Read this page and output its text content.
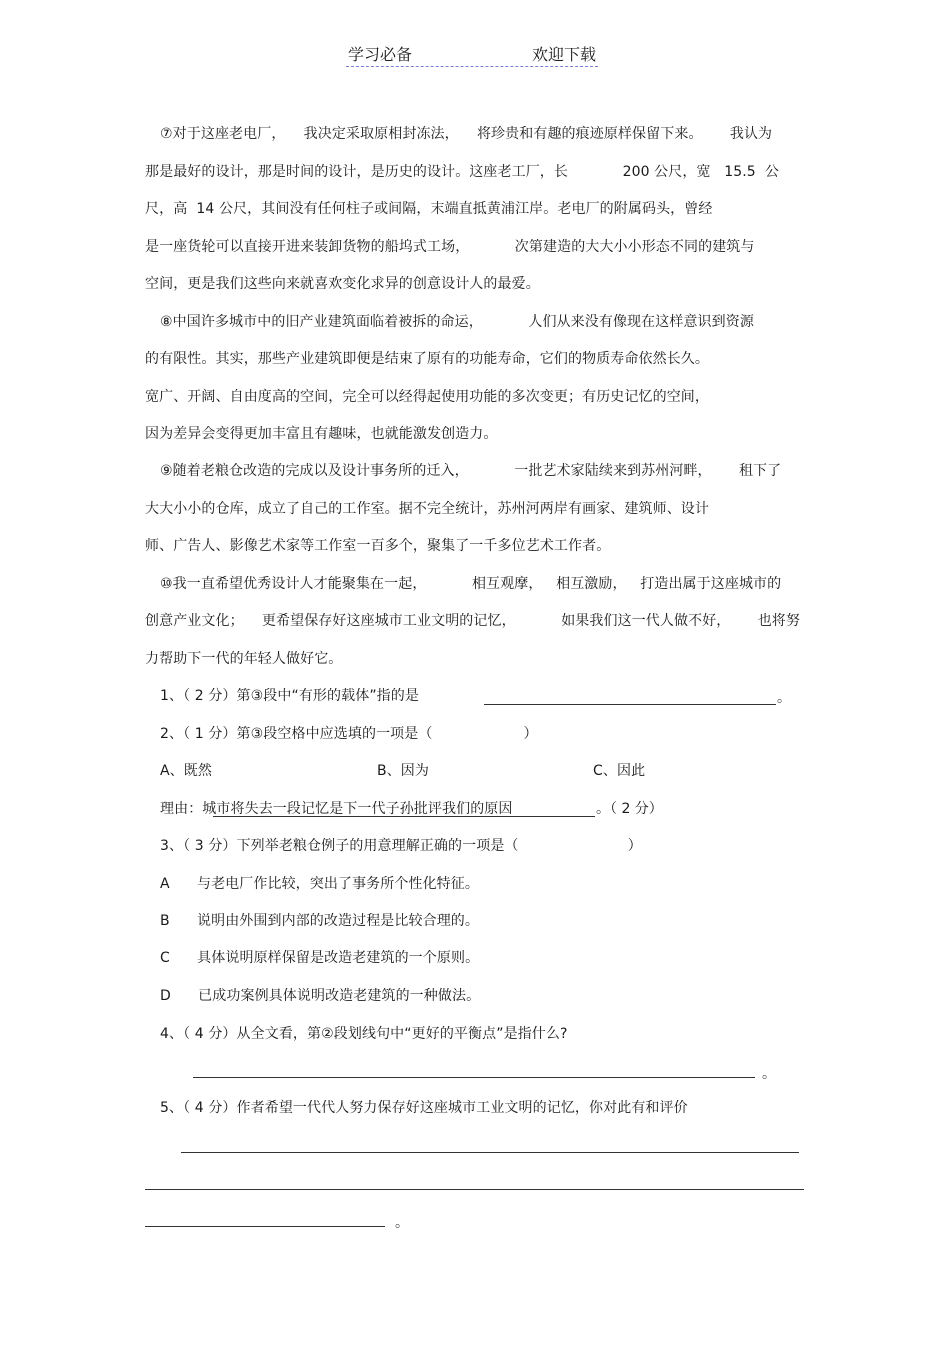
学习必备	欢迎下载
⑦对于这座老电厂，    我决定采取原相封冻法，    将珍贵和有趣的痕迹原样保留下来。      我认为
那是最好的设计，那是时间的设计，是历史的设计。这座老工厂，长            200 公尺，宽   15.5  公
尺，高  14 公尺，其间没有任何柱子或间隔，末端直抵黄浦江岸。老电厂的附属码头，曾经
是一座货轮可以直接开进来装卸货物的船坞式工场，          次第建造的大大小小形态不同的建筑与
空间，更是我们这些向来就喜欢变化求异的创意设计人的最爱。
⑧中国许多城市中的旧产业建筑面临着被拆的命运，          人们从来没有像现在这样意识到资源
的有限性。其实，那些产业建筑即便是结束了原有的功能寿命，它们的物质寿命依然长久。
宽广、开阔、自由度高的空间，完全可以经得起使用功能的多次变更；有历史记忆的空间，
因为差异会变得更加丰富且有趣味，也就能激发创造力。
⑨随着老粮仓改造的完成以及设计事务所的迁入，          一批艺术家陆续来到苏州河畔，      租下了
大大小小的仓库，成立了自己的工作室。据不完全统计，苏州河两岸有画家、建筑师、设计
师、广告人、影像艺术家等工作室一百多个，聚集了一千多位艺术工作者。
⑩我一直希望优秀设计人才能聚集在一起，          相互观摩，   相互激励，   打造出属于这座城市的
创意产业文化；    更希望保存好这座城市工业文明的记忆，          如果我们这一代人做不好，      也将努
力帮助下一代的年轻人做好它。
1、（ 2 分）第③段中“有形的载体”指的是	。
2、（ 1 分）第③段空格中应选填的一项是（                    ）
A、既然	B、因为	C、因此
理由：城市将失去一段记忆是下一代子孙批评我们的原因	。（ 2 分）
3、（ 3 分）下列举老粮仓例子的用意理解正确的一项是（                        ）
A      与老电厂作比较，突出了事务所个性化特征。
B      说明由外围到内部的改造过程是比较合理的。
C      具体说明原样保留是改造老建筑的一个原则。
D      已成功案例具体说明改造老建筑的一种做法。
4、（ 4 分）从全文看，第②段划线句中“更好的平衡点”是指什么?
。
5、（ 4 分）作者希望一代代人努力保存好这座城市工业文明的记忆，你对此有和评价
。
